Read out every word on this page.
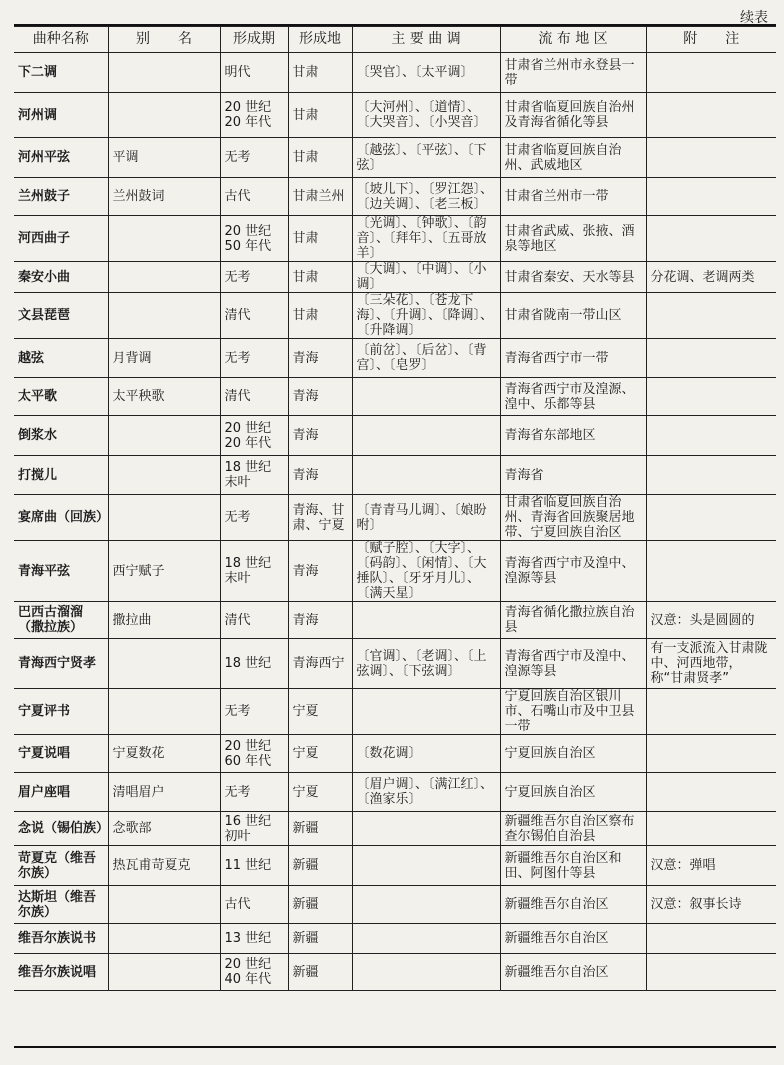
续表
曲种名称	别　　名	形成期	形成地	主 要 曲 调	流 布 地 区	附　　注
下二调		明代	甘肃	〔哭官〕、〔太平调〕	甘肃省兰州市永登县一带	
河州调		20 世纪 20 年代	甘肃	〔大河州〕、〔道情〕、〔大哭音〕、〔小哭音〕	甘肃省临夏回族自治州及青海省循化等县	
河州平弦	平调	无考	甘肃	〔越弦〕、〔平弦〕、〔下弦〕	甘肃省临夏回族自治州、武威地区	
兰州鼓子	兰州鼓词	古代	甘肃兰州	〔坡儿下〕、〔罗江怨〕、〔边关调〕、〔老三板〕	甘肃省兰州市一带	
河西曲子		20 世纪 50 年代	甘肃	〔光调〕、〔钟歌〕、〔韵音〕、〔拜年〕、〔五哥放羊〕	甘肃省武威、张掖、酒泉等地区	
秦安小曲		无考	甘肃	〔大调〕、〔中调〕、〔小调〕	甘肃省秦安、天水等县	分花调、老调两类
文县琵琶		清代	甘肃	〔三朵花〕、〔苍龙下海〕、〔升调〕、〔降调〕、〔升降调〕	甘肃省陇南一带山区	
越弦	月背调	无考	青海	〔前岔〕、〔后岔〕、〔背宫〕、〔皂罗〕	青海省西宁市一带	
太平歌	太平秧歌	清代	青海		青海省西宁市及湟源、湟中、乐都等县	
倒浆水		20 世纪 20 年代	青海		青海省东部地区	
打搅儿		18 世纪末叶	青海		青海省	
宴席曲（回族）		无考	青海、甘肃、宁夏	〔青青马儿调〕、〔娘盼咐〕	甘肃省临夏回族自治州、青海省回族聚居地带、宁夏回族自治区	
青海平弦	西宁赋子	18 世纪末叶	青海	〔赋子腔〕、〔大字〕、〔码韵〕、〔闲情〕、〔大捶队〕、〔牙牙月儿〕、〔满天星〕	青海省西宁市及湟中、湟源等县	
巴西古溜溜（撒拉族）	撒拉曲	清代	青海		青海省循化撒拉族自治县	汉意：头是圆圆的
青海西宁贤孝		18 世纪	青海西宁	〔官调〕、〔老调〕、〔上弦调〕、〔下弦调〕	青海省西宁市及湟中、湟源等县	有一支派流入甘肃陇中、河西地带，称“甘肃贤孝”
宁夏评书		无考	宁夏		宁夏回族自治区银川市、石嘴山市及中卫县一带	
宁夏说唱	宁夏数花	20 世纪 60 年代	宁夏	〔数花调〕	宁夏回族自治区	
眉户座唱	清唱眉户	无考	宁夏	〔眉户调〕、〔满江红〕、〔渔家乐〕	宁夏回族自治区	
念说（锡伯族）	念歌部	16 世纪初叶	新疆		新疆维吾尔自治区察布查尔锡伯自治县	
苛夏克（维吾尔族）	热瓦甫苛夏克	11 世纪	新疆		新疆维吾尔自治区和田、阿图什等县	汉意：弹唱
达斯坦（维吾尔族）		古代	新疆		新疆维吾尔自治区	汉意：叙事长诗
维吾尔族说书		13 世纪	新疆		新疆维吾尔自治区	
维吾尔族说唱		20 世纪 40 年代	新疆		新疆维吾尔自治区	
